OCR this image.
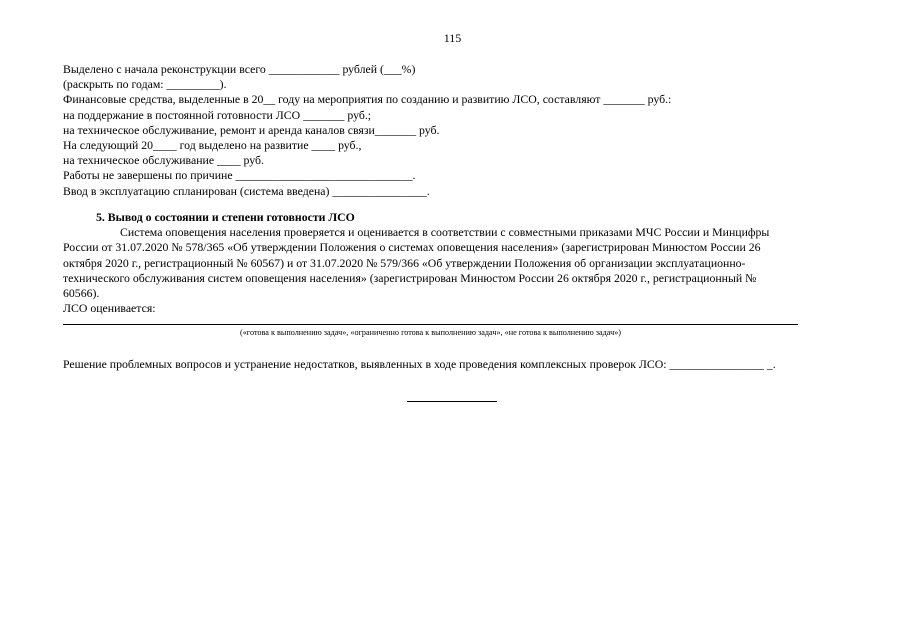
115
Выделено с начала реконструкции всего ____________ рублей (___%)
(раскрыть по годам: _________).
Финансовые средства, выделенные в 20__ году на мероприятия по созданию и развитию ЛСО, составляют _______ руб.:
на поддержание в постоянной готовности ЛСО _______ руб.;
на техническое обслуживание, ремонт и аренда каналов связи_______ руб.
На следующий 20____ год выделено на развитие ____ руб.,
на техническое обслуживание ____ руб.
Работы не завершены по причине ______________________________.
Ввод в эксплуатацию спланирован (система введена) ________________.
5. Вывод о состоянии и степени готовности ЛСО
Система оповещения населения проверяется и оценивается в соответствии с совместными приказами МЧС России и Минцифры
России от 31.07.2020 № 578/365 «Об утверждении Положения о системах оповещения населения» (зарегистрирован Минюстом России 26
октября 2020 г., регистрационный № 60567) и от 31.07.2020 № 579/366 «Об утверждении Положения об организации эксплуатационно-
технического обслуживания систем оповещения населения» (зарегистрирован Минюстом России 26 октября 2020 г., регистрационный №
60566).
ЛСО оценивается:
(«готова к выполнению задач», «ограниченно готова к выполнению задач», «не готова к выполнению задач»)
Решение проблемных вопросов и устранение недостатков, выявленных в ходе проведения комплексных проверок ЛСО: ________________ _.
